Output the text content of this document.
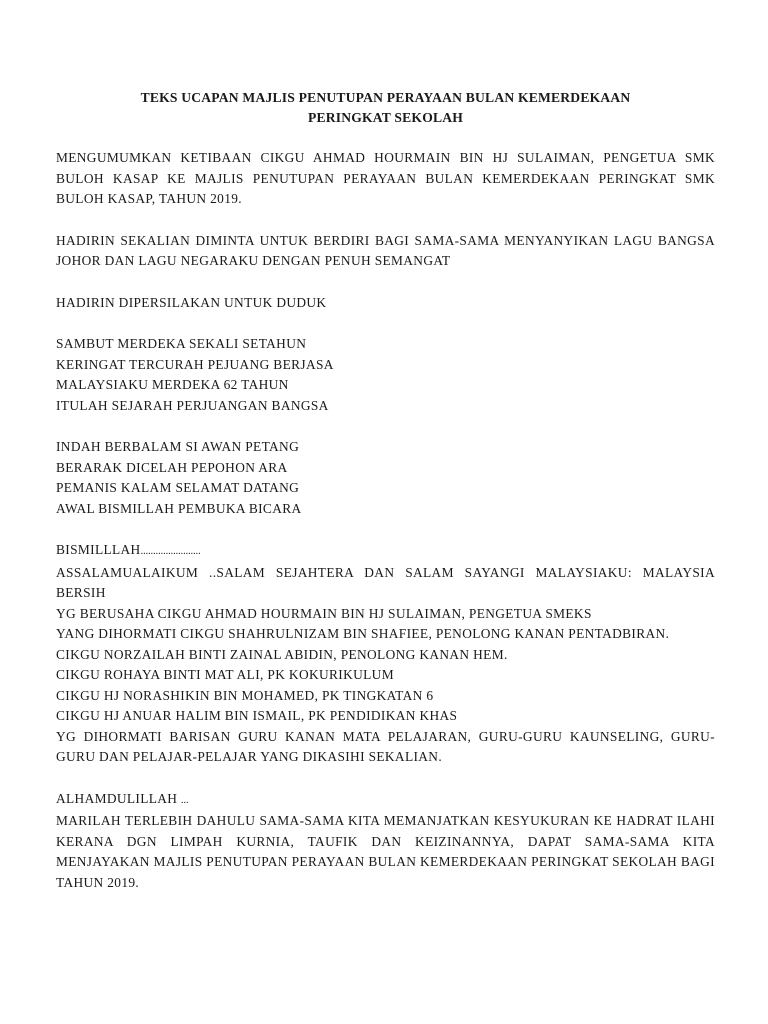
TEKS UCAPAN MAJLIS PENUTUPAN PERAYAAN BULAN KEMERDEKAAN

PERINGKAT SEKOLAH

MENGUMUMKAN KETIBAAN CIKGU AHMAD HOURMAIN BIN HJ SULAIMAN, PENGETUA SMK BULOH KASAP KE MAJLIS PENUTUPAN PERAYAAN BULAN KEMERDEKAAN PERINGKAT SMK BULOH KASAP, TAHUN 2019.

HADIRIN SEKALIAN DIMINTA UNTUK BERDIRI BAGI SAMA-SAMA MENYANYIKAN LAGU BANGSA JOHOR DAN LAGU NEGARAKU DENGAN PENUH SEMANGAT

HADIRIN DIPERSILAKAN UNTUK DUDUK
SAMBUT MERDEKA SEKALI SETAHUN
KERINGAT TERCURAH PEJUANG BERJASA
MALAYSIAKU MERDEKA 62 TAHUN
ITULAH SEJARAH PERJUANGAN BANGSA
INDAH BERBALAM SI AWAN PETANG
BERARAK DICELAH PEPOHON ARA
PEMANIS KALAM SELAMAT DATANG
AWAL BISMILLAH PEMBUKA BICARA
BISMILLLAH........................

ASSALAMUALAIKUM ..SALAM SEJAHTERA DAN SALAM SAYANGI MALAYSIAKU: MALAYSIA BERSIH

YG BERUSAHA CIKGU AHMAD HOURMAIN BIN HJ SULAIMAN, PENGETUA SMEKS
YANG DIHORMATI CIKGU SHAHRULNIZAM BIN SHAFIEE, PENOLONG KANAN PENTADBIRAN.
CIKGU NORZAILAH BINTI ZAINAL ABIDIN, PENOLONG KANAN HEM.
CIKGU ROHAYA BINTI MAT ALI, PK KOKURIKULUM
CIKGU HJ NORASHIKIN BIN MOHAMED, PK TINGKATAN 6
CIKGU HJ ANUAR HALIM BIN ISMAIL, PK PENDIDIKAN KHAS

YG DIHORMATI BARISAN GURU KANAN MATA PELAJARAN, GURU-GURU KAUNSELING, GURU-GURU DAN PELAJAR-PELAJAR YANG DIKASIHI SEKALIAN.

ALHAMDULILLAH ...

MARILAH TERLEBIH DAHULU SAMA-SAMA KITA MEMANJATKAN KESYUKURAN KE HADRAT ILAHI KERANA DGN LIMPAH KURNIA, TAUFIK DAN KEIZINANNYA, DAPAT SAMA-SAMA KITA MENJAYAKAN MAJLIS PENUTUPAN PERAYAAN BULAN KEMERDEKAAN PERINGKAT SEKOLAH BAGI TAHUN 2019.
